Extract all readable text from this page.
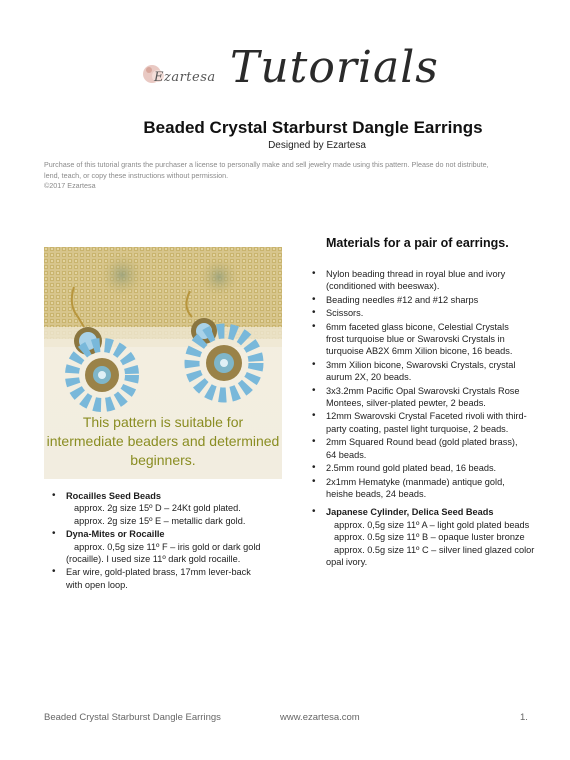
Ezartesa Tutorials
Beaded Crystal Starburst Dangle Earrings
Designed by Ezartesa
Purchase of this tutorial grants the purchaser a license to personally make and sell jewelry made using this pattern. Please do not distribute,
lend, teach, or copy these instructions without permission.
©2017 Ezartesa
This pattern is suitable for
intermediate beaders and determined
beginners.
Materials for a pair of earrings.
• Nylon beading thread in royal blue and ivory
(conditioned with beeswax).
• Beading needles #12 and #12 sharps
• Scissors.
• 6mm faceted glass bicone, Celestial Crystals
frost turquoise blue or Swarovski Crystals in
turquoise AB2X 6mm Xilion bicone, 16 beads.
• 3mm Xilion bicone, Swarovski Crystals, crystal
aurum 2X, 20 beads.
• 3x3.2mm Pacific Opal Swarovski Crystals Rose
Montees, silver-plated pewter, 2 beads.
• 12mm Swarovski Crystal Faceted rivoli with third-
party coating, pastel light turquoise, 2 beads.
• 2mm Squared Round bead (gold plated brass),
64 beads.
• 2.5mm round gold plated bead, 16 beads.
• 2x1mm Hematyke (manmade) antique gold,
heishe beads, 24 beads.
• Japanese Cylinder, Delica Seed Beads
approx. 0,5g size 11º A – light gold plated beads
approx. 0.5g size 11º B – opaque luster bronze
approx. 0.5g size 11º C – silver lined glazed color
opal ivory.
• Rocailles Seed Beads
approx. 2g size 15º D – 24Kt gold plated.
approx. 2g size 15º E – metallic dark gold.
• Dyna-Mites or Rocaille
approx. 0,5g size 11º F – iris gold or dark gold
(rocaille). I used size 11º dark gold rocaille.
• Ear wire, gold-plated brass, 17mm lever-back
with open loop.
Beaded Crystal Starburst Dangle Earrings	www.ezartesa.com	1.
